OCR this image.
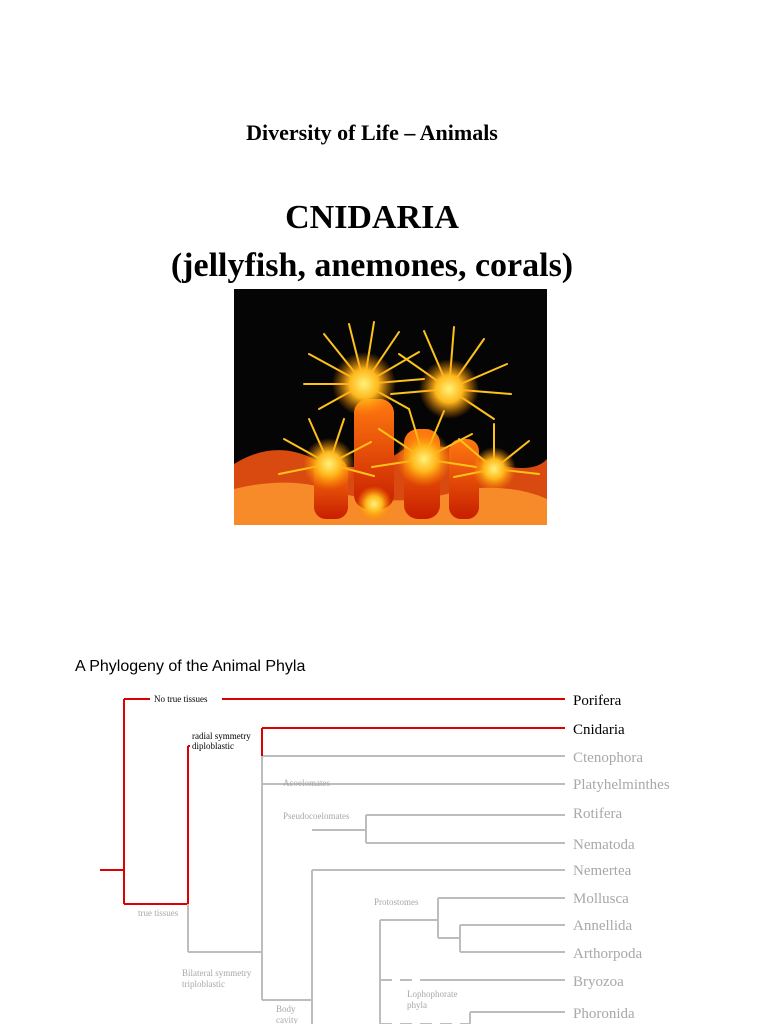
Diversity of Life – Animals
CNIDARIA
(jellyfish, anemones, corals)
A Phylogeny of the Animal Phyla
No true tissues
radial symmetry
diploblastic
Acoelomates
Pseudocoelomates
true tissues
Protostomes
Bilateral symmetry
triploblastic
Lophophorate
phyla
Body
cavity
Porifera
Cnidaria
Ctenophora
Platyhelminthes
Rotifera
Nematoda
Nemertea
Mollusca
Annellida
Arthorpoda
Bryozoa
Phoronida
